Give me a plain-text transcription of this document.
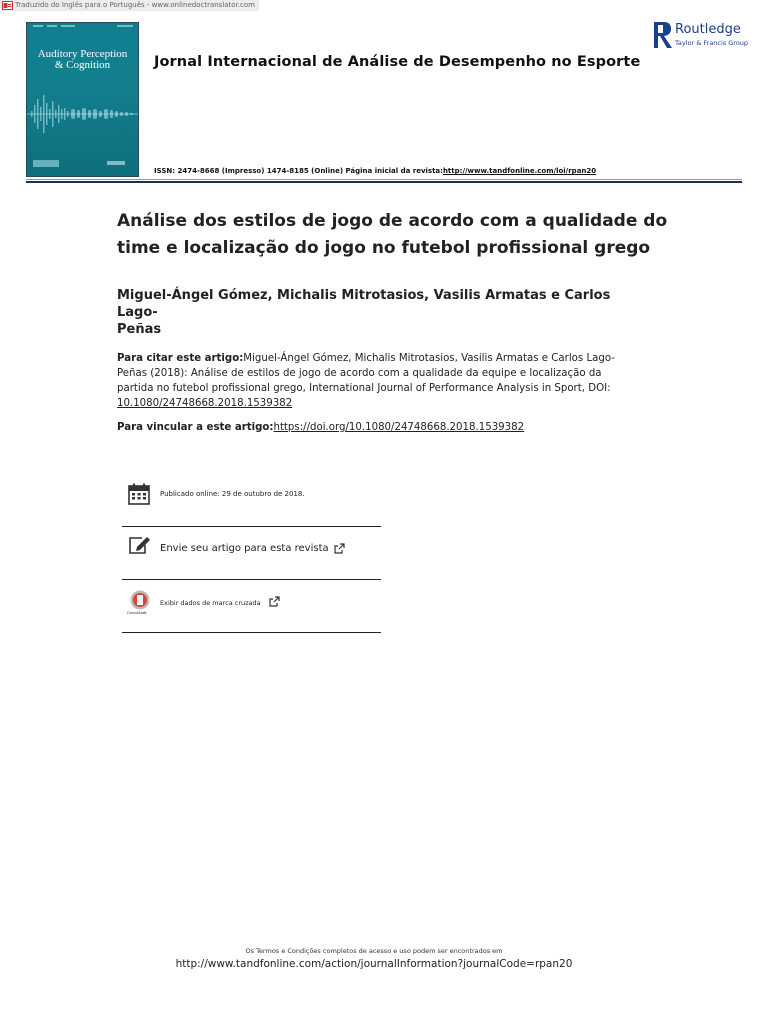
Traduzido do Inglês para o Português - www.onlinedoctranslator.com
Auditory Perception
& Cognition	Jornal Internacional de Análise de Desempenho no Esporte
Routledge
Taylor & Francis Group
ISSN: 2474-8668 (Impresso) 1474-8185 (Online) Página inicial da revista:http://www.tandfonline.com/loi/rpan20
Análise dos estilos de jogo de acordo com a qualidade do
time e localização do jogo no futebol profissional grego
Miguel-Ángel Gómez, Michalis Mitrotasios, Vasilis Armatas e Carlos Lago-
Peñas
Para citar este artigo:Miguel-Ángel Gómez, Michalis Mitrotasios, Vasilis Armatas e Carlos Lago-Peñas (2018): Análise de estilos de jogo de acordo com a qualidade da equipe e localização da partida no futebol profissional grego, International Journal of Performance Analysis in Sport, DOI:
10.1080/24748668.2018.1539382
Para vincular a este artigo:https://doi.org/10.1080/24748668.2018.1539382
Publicado online: 29 de outubro de 2018.
Envie seu artigo para esta revista
CrossMark
Exibir dados de marca cruzada
Os Termos e Condições completos de acesso e uso podem ser encontrados em
http://www.tandfonline.com/action/journalInformation?journalCode=rpan20
